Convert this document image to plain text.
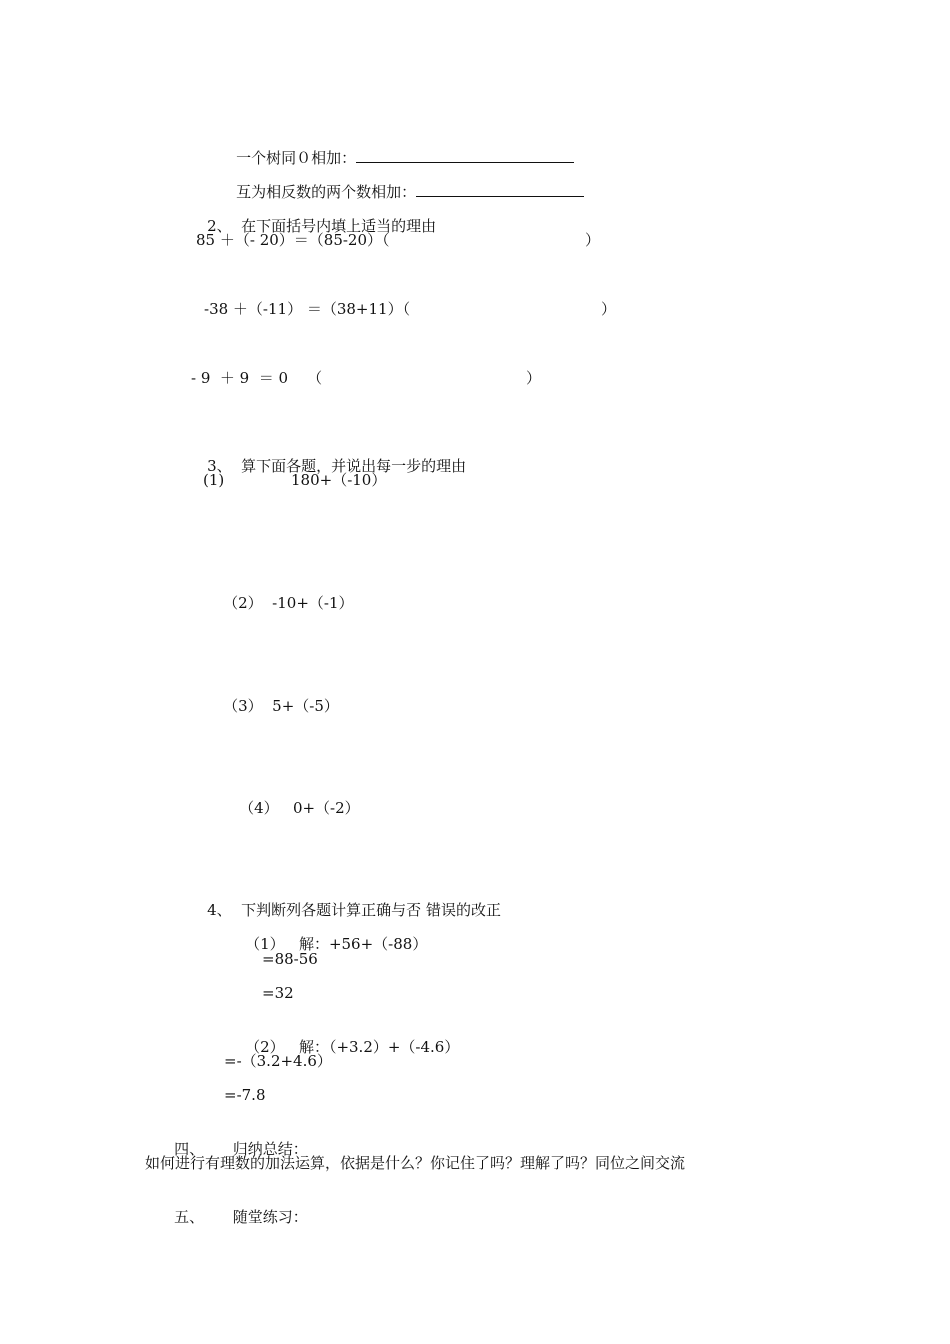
一个树同０相加：

互为相反数的两个数相加：

2、 在下面括号内填上适当的理由

85 ＋（- 20）＝（85-20）（	）
-38 ＋（-11） ＝（38+11）（	）
- 9  ＋ 9  ＝ 0    （	）

3、 算下面各题，并说出每一步的理由

(1)	180+（-10）

（2） -10+（-1）

（3） 5+（-5）

（4） 0+（-2）

4、 下判断列各题计算正确与否 错误的改正

（1） 解：+56+（-88）

=88-56
=32

（2） 解：（+3.2）+（-4.6）

=-（3.2+4.6）
=-7.8

四、 归纳总结：

如何进行有理数的加法运算，依据是什么？你记住了吗？理解了吗？同位之间交流

五、 随堂练习：
